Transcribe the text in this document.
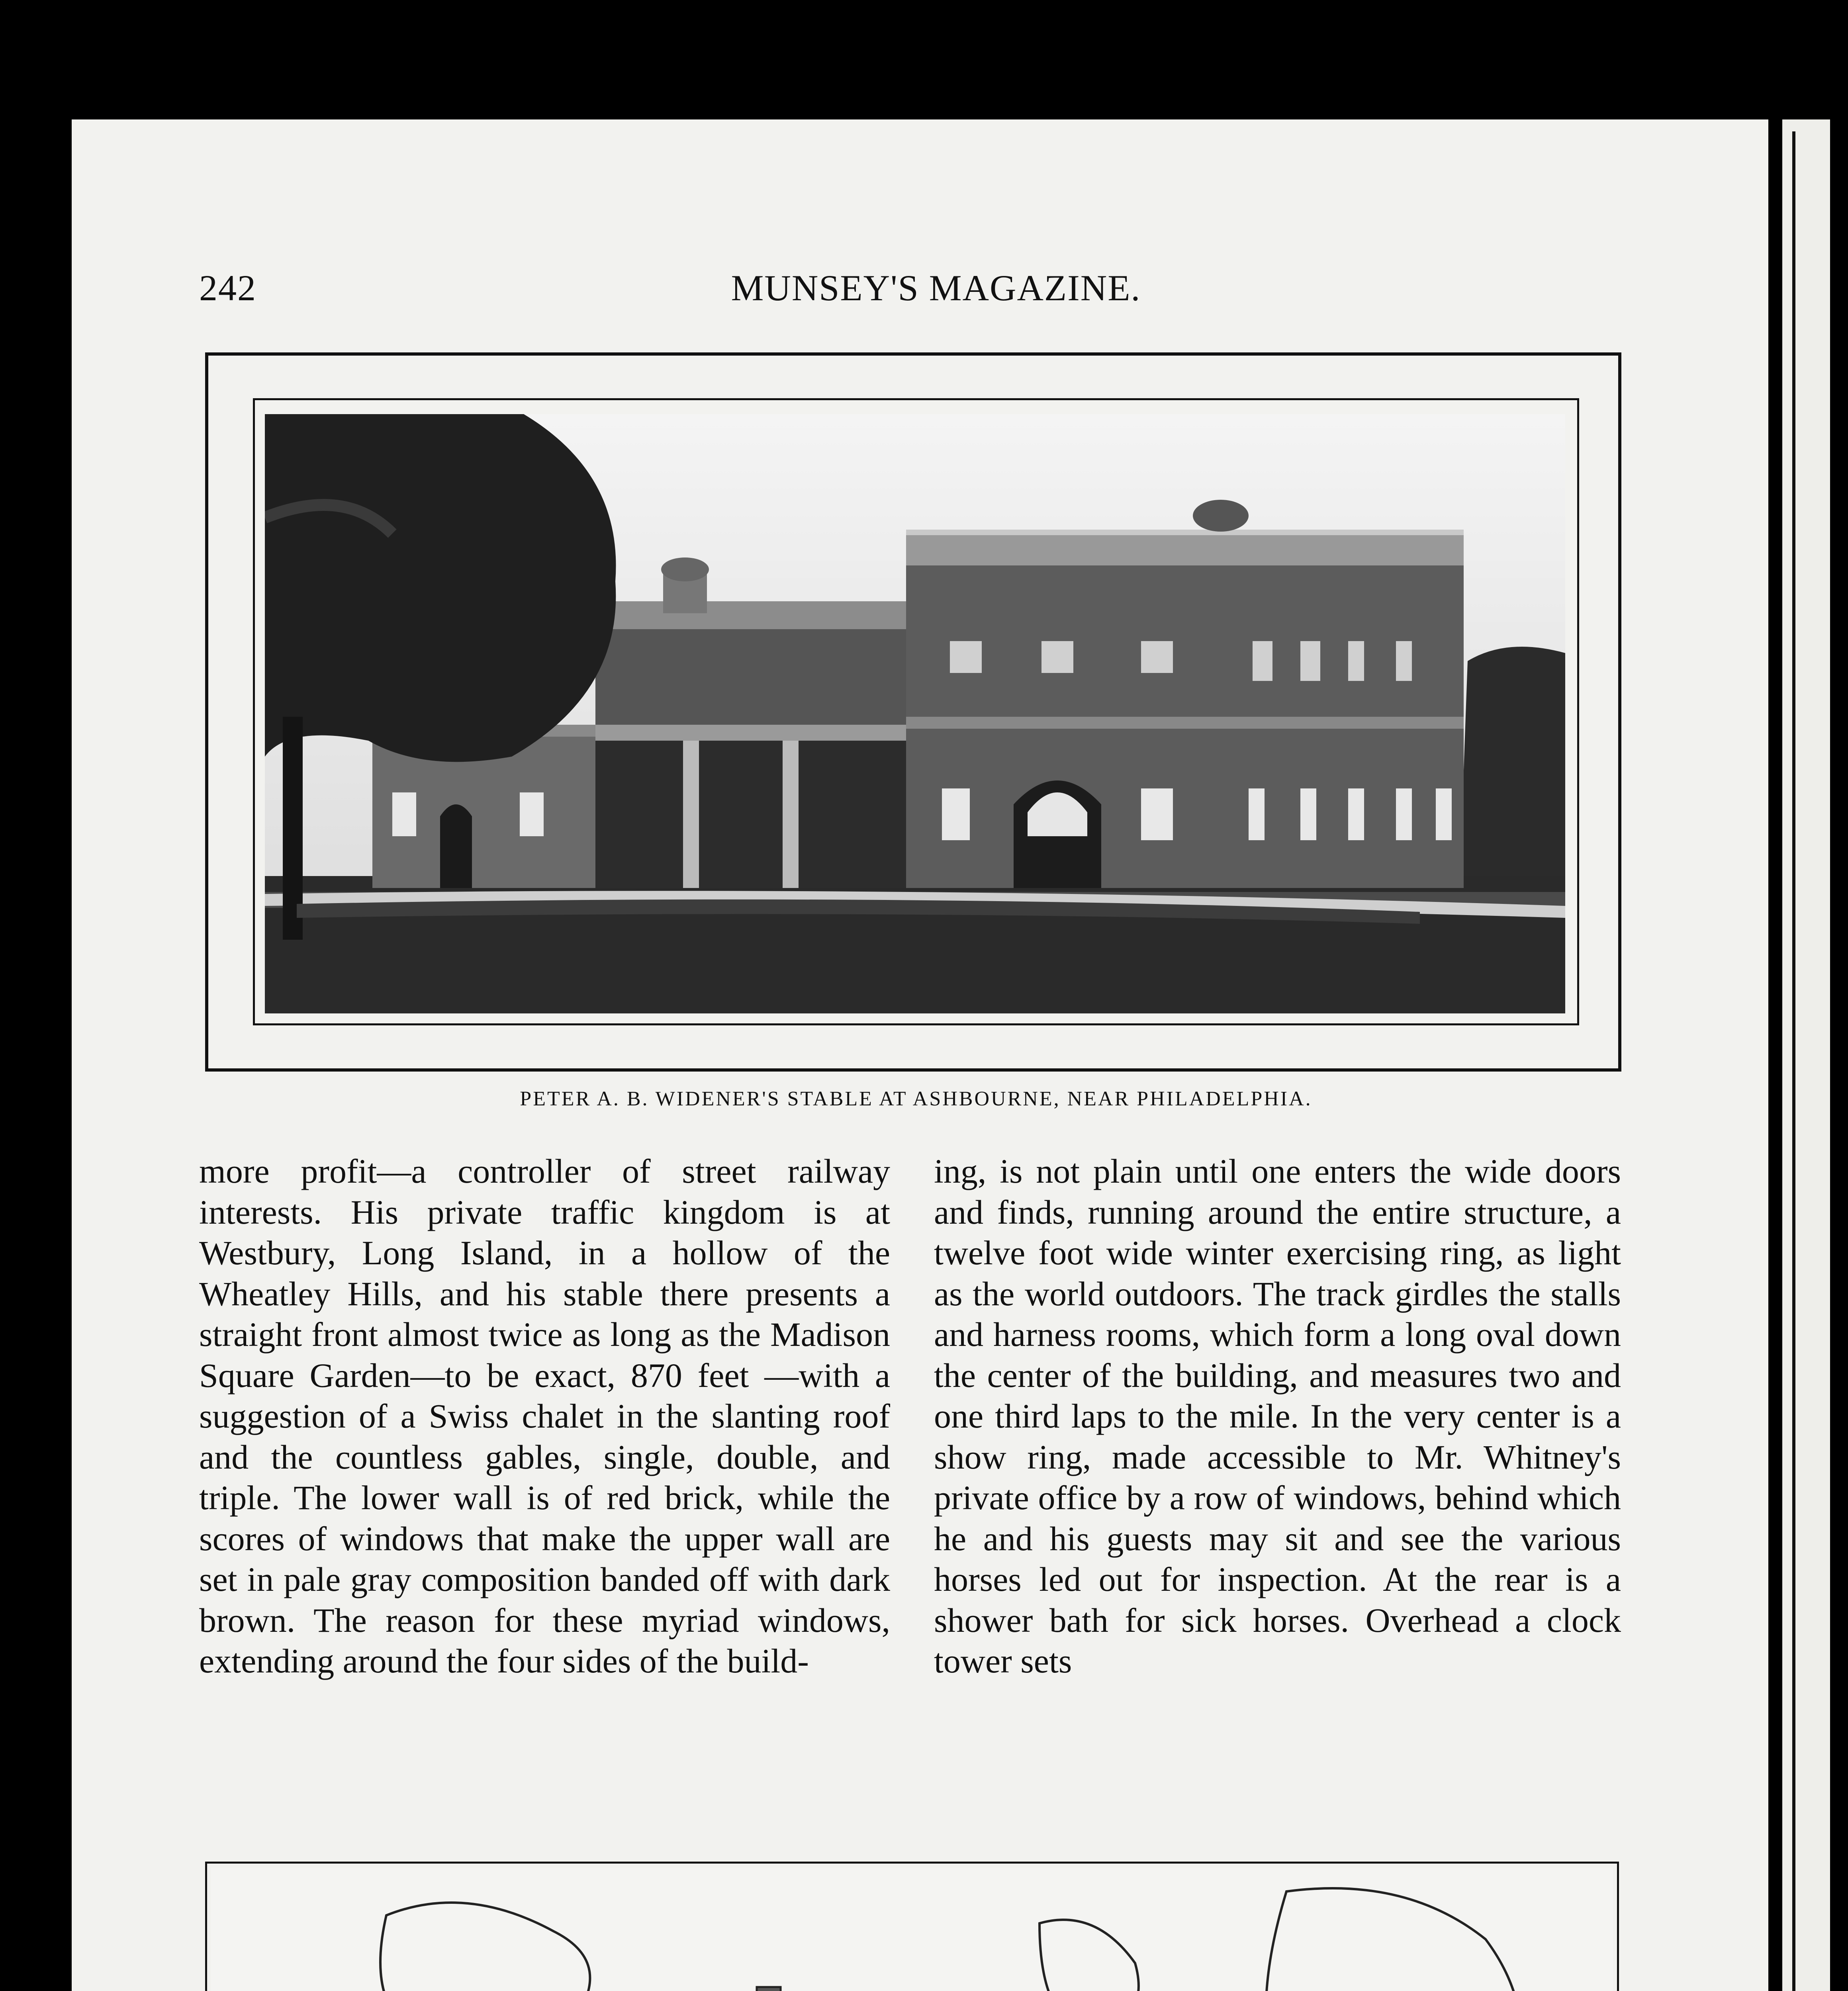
242	MUNSEY'S MAGAZINE.
PETER A. B. WIDENER'S STABLE AT ASHBOURNE, NEAR PHILADELPHIA.
more profit—a controller of street railway interests. His private traffic kingdom is at Westbury, Long Island, in a hollow of the Wheatley Hills, and his stable there presents a straight front almost twice as long as the Madison Square Garden—to be exact, 870 feet —with a suggestion of a Swiss chalet in the slanting roof and the countless gables, single, double, and triple. The lower wall is of red brick, while the scores of windows that make the upper wall are set in pale gray composition banded off with dark brown. The reason for these myriad windows, extending around the four sides of the build-
ing, is not plain until one enters the wide doors and finds, running around the entire structure, a twelve foot wide winter exercising ring, as light as the world outdoors. The track girdles the stalls and harness rooms, which form a long oval down the center of the building, and measures two and one third laps to the mile. In the very center is a show ring, made accessible to Mr. Whitney's private office by a row of windows, behind which he and his guests may sit and see the various horses led out for inspection. At the rear is a shower bath for sick horses. Overhead a clock tower sets
